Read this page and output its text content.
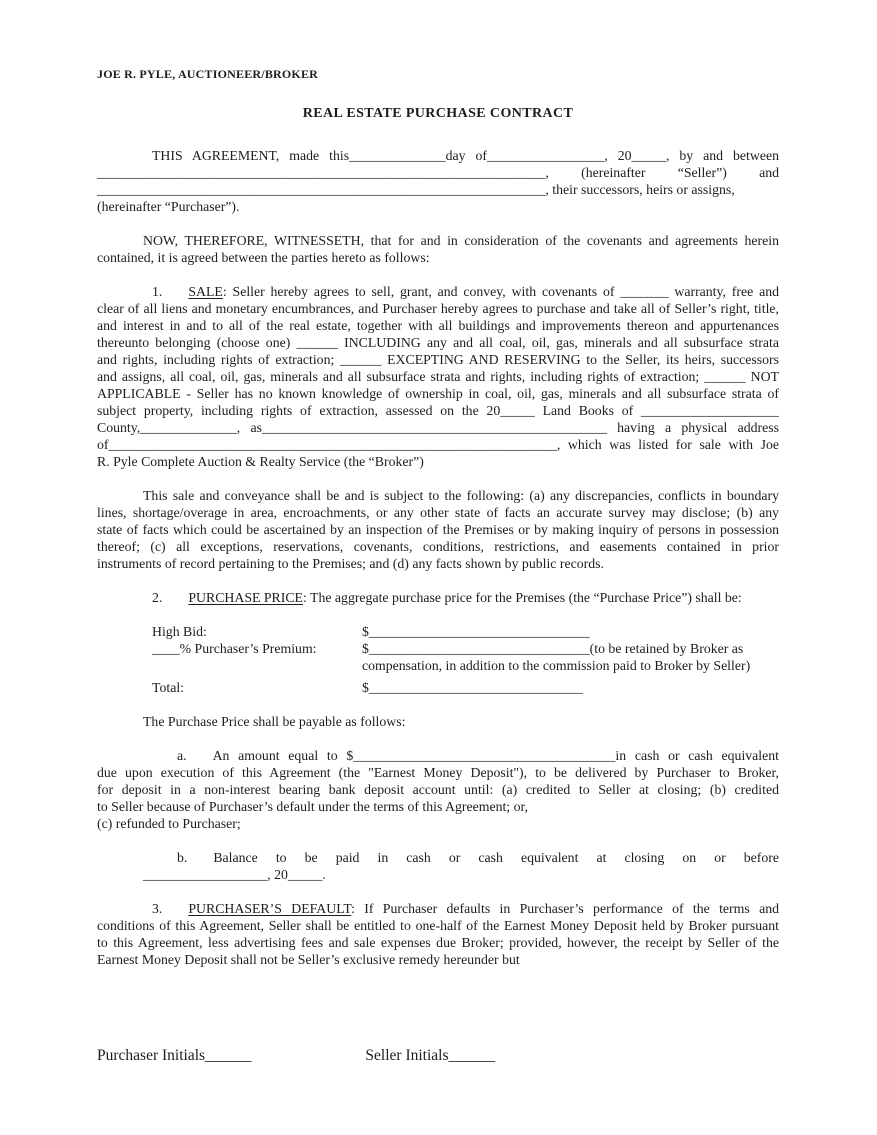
JOE R. PYLE, AUCTIONEER/BROKER
REAL ESTATE PURCHASE CONTRACT
THIS AGREEMENT, made this______________day of_________________, 20_____, by and between
_________________________________________________________________, (hereinafter “Seller”) and
_________________________________________________________________, their successors, heirs or assigns,
(hereinafter “Purchaser”).
NOW, THEREFORE, WITNESSETH, that for and in consideration of the covenants and agreements herein
contained, it is agreed between the parties hereto as follows:
1. SALE: Seller hereby agrees to sell, grant, and convey, with covenants of _______ warranty, free and
clear of all liens and monetary encumbrances, and Purchaser hereby agrees to purchase and take all of Seller’s right, title,
and interest in and to all of the real estate, together with all buildings and improvements thereon and appurtenances
thereunto belonging (choose one) ______ INCLUDING any and all coal, oil, gas, minerals and all subsurface strata
and rights, including rights of extraction; ______ EXCEPTING AND RESERVING to the Seller, its heirs, successors
and assigns, all coal, oil, gas, minerals and all subsurface strata and rights, including rights of extraction; ______ NOT
APPLICABLE - Seller has no known knowledge of ownership in coal, oil, gas, minerals and all subsurface strata of
subject property, including rights of extraction, assessed on the 20_____ Land Books of ____________________
County,______________, as__________________________________________________ having a physical address
of_________________________________________________________________, which was listed for sale with Joe
R. Pyle Complete Auction & Realty Service (the “Broker”)
This sale and conveyance shall be and is subject to the following: (a) any discrepancies, conflicts in boundary
lines, shortage/overage in area, encroachments, or any other state of facts an accurate survey may disclose; (b) any
state of facts which could be ascertained by an inspection of the Premises or by making inquiry of persons in possession
thereof; (c) all exceptions, reservations, covenants, conditions, restrictions, and easements contained in prior
instruments of record pertaining to the Premises; and (d) any facts shown by public records.
2. PURCHASE PRICE: The aggregate purchase price for the Premises (the “Purchase Price”) shall be:
High Bid:	$________________________________
____% Purchaser’s Premium:	$________________________________(to be retained by Broker as
compensation, in addition to the commission paid to Broker by Seller)
Total:	$_______________________________
The Purchase Price shall be payable as follows:
a. An amount equal to $______________________________________in cash or cash equivalent
due upon execution of this Agreement (the "Earnest Money Deposit"), to be delivered by Purchaser to Broker,
for deposit in a non-interest bearing bank deposit account until: (a) credited to Seller at closing; (b) credited
to Seller because of Purchaser’s default under the terms of this Agreement; or,
(c) refunded to Purchaser;
b. Balance to be paid in cash or cash equivalent at closing on or before
__________________, 20_____.
3. PURCHASER’S DEFAULT: If Purchaser defaults in Purchaser’s performance of the terms and
conditions of this Agreement, Seller shall be entitled to one-half of the Earnest Money Deposit held by Broker pursuant
to this Agreement, less advertising fees and sale expenses due Broker; provided, however, the receipt by Seller of the
Earnest Money Deposit shall not be Seller’s exclusive remedy hereunder but
Purchaser Initials______	Seller Initials______
